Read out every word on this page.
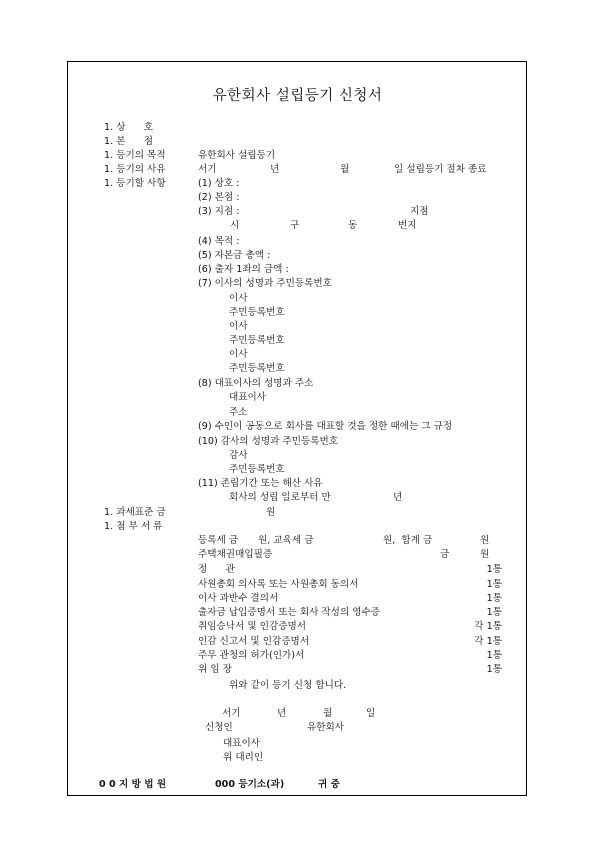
유한회사 설립등기 신청서
1. 상      호
1. 본      점
1. 등기의 목적	유한회사 설립등기
1. 등기의 사유	서기	년	월	일 설립등기 절차 종료
1. 등기할 사항	(1) 상호 :
(2) 본점 :
(3) 지점 :	지점
시	구	동	번지
(4) 목적 :
(5) 자본금 총액 :
(6) 출자 1좌의 금액 :
(7) 이사의 성명과 주민등록번호
이사
주민등록번호
이사
주민등록번호
이사
주민등록번호
(8) 대표이사의 성명과 주소
대표이사
주소
(9) 수인이 공동으로 회사를 대표할 것을 정한 때에는 그 규정
(10) 감사의 성명과 주민등록번호
감사
주민등록번호
(11) 존립기간 또는 해산 사유
회사의 성립 일로부터 만	년
1. 과세표준 금	원
1. 첨 부 서 류
등록세 금 원, 교육세 금	원,  합계 금	원
주택채권매입필증	금	원
정      관	1통
사원총회 의사록 또는 사원총회 동의서	1통
이사 과반수 결의서	1통
출자금 납입증명서 또는 회사 작성의 영수증	1통
취임승낙서 및 인감증명서	각 1통
인감 신고서 및 인감증명서	각 1통
주무 관청의 허가(인가)서	1통
위 임 장	1통
위와 같이 등기 신청 합니다.
서기	년	월	일
신청인	유한회사
대표이사
위 대리인
0 0 지 방 법 원	000 등기소(과)	귀 중
